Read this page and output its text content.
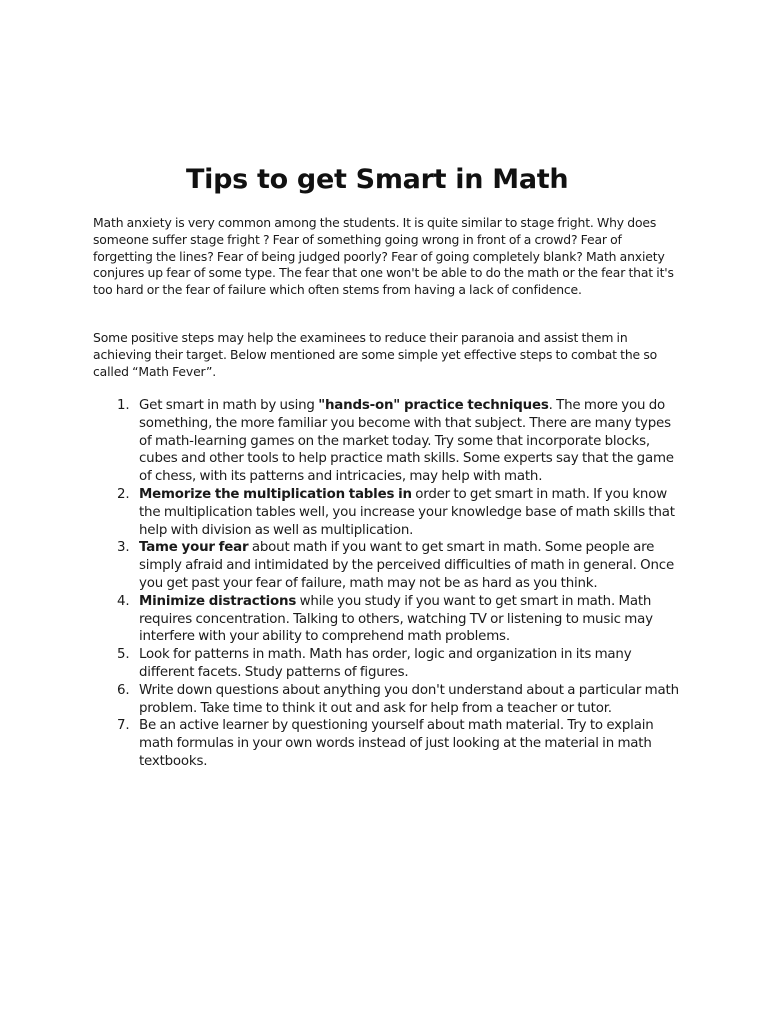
Tips to get Smart in Math

Math anxiety is very common among the students. It is quite similar to stage fright. Why does someone suffer stage fright ? Fear of something going wrong in front of a crowd? Fear of forgetting the lines? Fear of being judged poorly? Fear of going completely blank? Math anxiety conjures up fear of some type. The fear that one won't be able to do the math or the fear that it's too hard or the fear of failure which often stems from having a lack of confidence.

Some positive steps may help the examinees to reduce their paranoia and assist them in achieving their target. Below mentioned are some simple yet effective steps to combat the so called “Math Fever”.

1. Get smart in math by using "hands-on" practice techniques. The more you do something, the more familiar you become with that subject. There are many types of math-learning games on the market today. Try some that incorporate blocks, cubes and other tools to help practice math skills. Some experts say that the game of chess, with its patterns and intricacies, may help with math.
2. Memorize the multiplication tables in order to get smart in math. If you know the multiplication tables well, you increase your knowledge base of math skills that help with division as well as multiplication.
3. Tame your fear about math if you want to get smart in math. Some people are simply afraid and intimidated by the perceived difficulties of math in general. Once you get past your fear of failure, math may not be as hard as you think.
4. Minimize distractions while you study if you want to get smart in math. Math requires concentration. Talking to others, watching TV or listening to music may interfere with your ability to comprehend math problems.
5. Look for patterns in math. Math has order, logic and organization in its many different facets. Study patterns of figures.
6. Write down questions about anything you don't understand about a particular math problem. Take time to think it out and ask for help from a teacher or tutor.
7. Be an active learner by questioning yourself about math material. Try to explain math formulas in your own words instead of just looking at the material in math textbooks.
